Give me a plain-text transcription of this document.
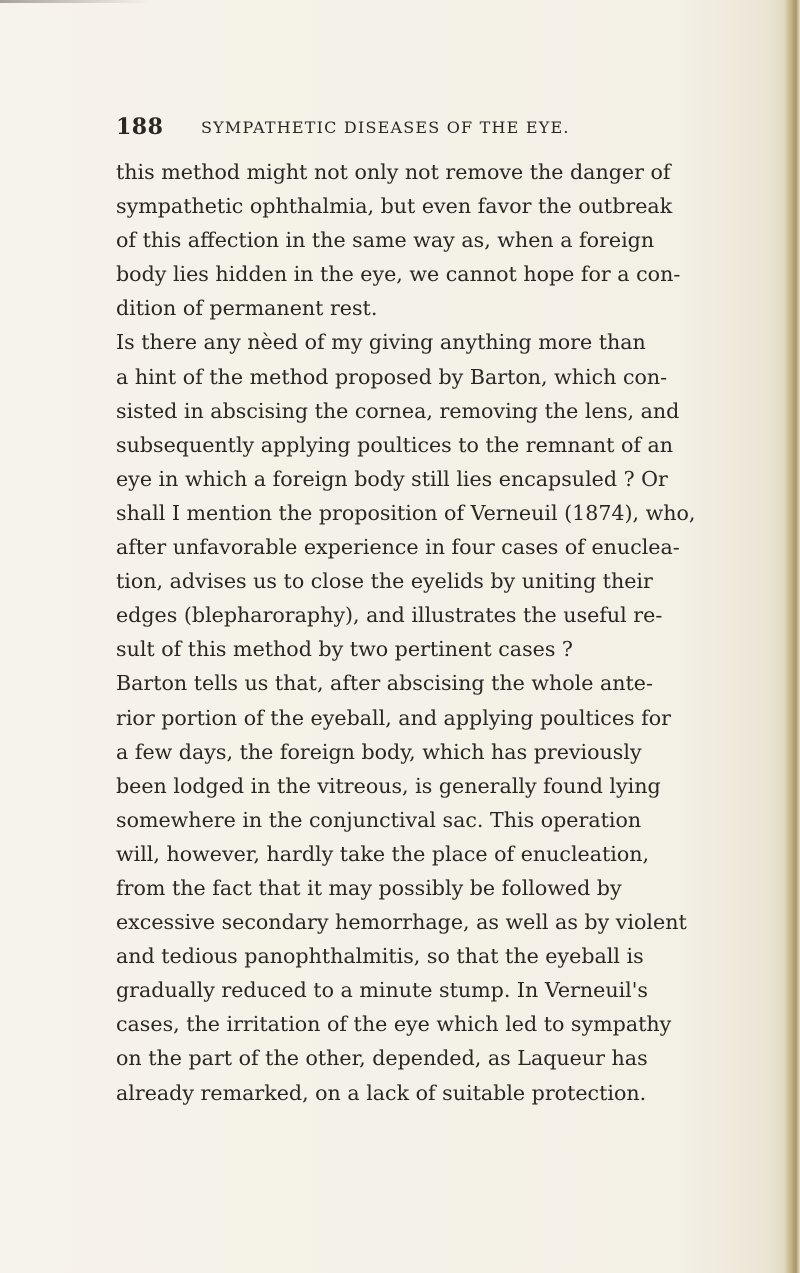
188 SYMPATHETIC DISEASES OF THE EYE.
this method might not only not remove the danger of
sympathetic ophthalmia, but even favor the outbreak
of this affection in the same way as, when a foreign
body lies hidden in the eye, we cannot hope for a con-
dition of permanent rest.
Is there any nèed of my giving anything more than
a hint of the method proposed by Barton, which con-
sisted in abscising the cornea, removing the lens, and
subsequently applying poultices to the remnant of an
eye in which a foreign body still lies encapsuled ? Or
shall I mention the proposition of Verneuil (1874), who,
after unfavorable experience in four cases of enuclea-
tion, advises us to close the eyelids by uniting their
edges (blepharoraphy), and illustrates the useful re-
sult of this method by two pertinent cases ?
Barton tells us that, after abscising the whole ante-
rior portion of the eyeball, and applying poultices for
a few days, the foreign body, which has previously
been lodged in the vitreous, is generally found lying
somewhere in the conjunctival sac. This operation
will, however, hardly take the place of enucleation,
from the fact that it may possibly be followed by
excessive secondary hemorrhage, as well as by violent
and tedious panophthalmitis, so that the eyeball is
gradually reduced to a minute stump. In Verneuil's
cases, the irritation of the eye which led to sympathy
on the part of the other, depended, as Laqueur has
already remarked, on a lack of suitable protection.
